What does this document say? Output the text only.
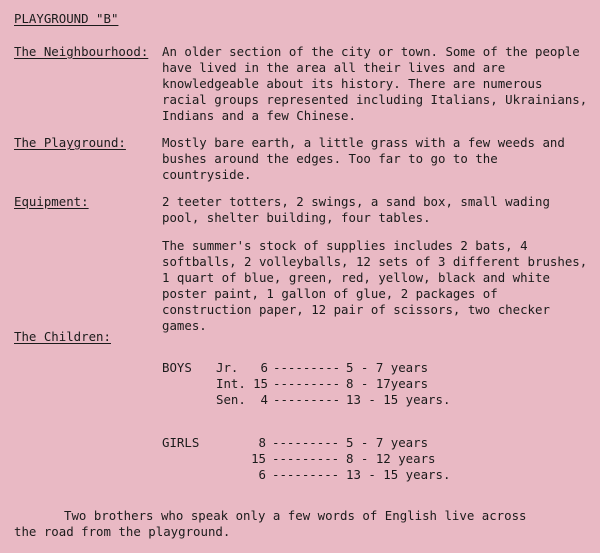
PLAYGROUND "B"
The Neighbourhood: An older section of the city or town. Some of the people have lived in the area all their lives and are knowledgeable about its history. There are numerous racial groups represented including Italians, Ukrainians, Indians and a few Chinese.
The Playground:	Mostly bare earth, a little grass with a few weeds and bushes around the edges. Too far to go to the countryside.
Equipment:	2 teeter totters, 2 swings, a sand box, small wading pool, shelter building, four tables.
The summer's stock of supplies includes 2 bats, 4 softballs, 2 volleyballs, 12 sets of 3 different brushes, 1 quart of blue, green, red, yellow, black and white poster paint, 1 gallon of glue, 2 packages of construction paper, 12 pair of scissors, two checker games.
The Children:
BOYS Jr.	6 --------- 5 - 7 years
Int. 15 --------- 8 - 17years
Sen.	4 --------- 13 - 15 years.
GIRLS	8 --------- 5 - 7 years
15 --------- 8 - 12 years
6 --------- 13 - 15 years.
Two brothers who speak only a few words of English live across
the road from the playground.
